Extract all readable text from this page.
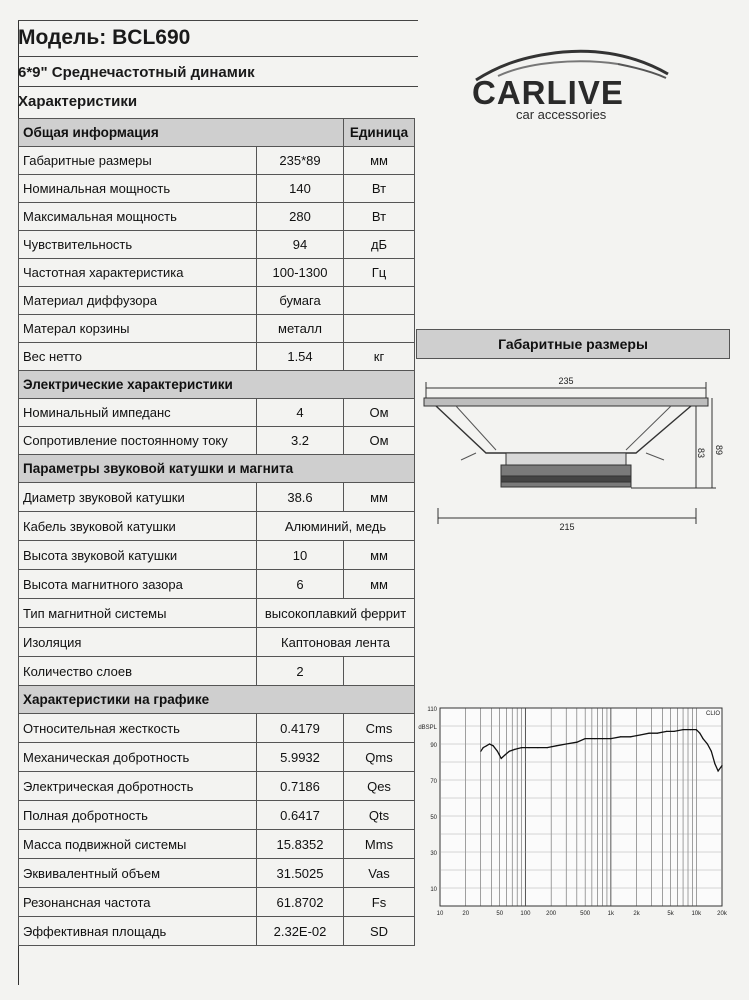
Модель: BCL690
6*9" Среднечастотный динамик
Характеристики	CARLIVE
car accessories
Общая информация		Единица
Габаритные размеры	235*89	мм
Номинальная мощность	140	Вт
Максимальная мощность	280	Вт
Чувствительность	94	дБ
Частотная характеристика	100-1300	Гц
Материал диффузора	бумага	
Матерал корзины	металл	
Вес нетто	1.54	кг
Электрические характеристики		
Номинальный импеданс	4	Ом
Сопротивление постоянному току	3.2	Ом
Параметры звуковой катушки и магнита		
Диаметр звуковой катушки	38.6	мм
Кабель звуковой катушки	Алюминий, медь	
Высота звуковой катушки	10	мм
Высота магнитного зазора	6	мм
Тип магнитной системы	высокоплавкий феррит	
Изоляция	Каптоновая лента	
Количество слоев	2	
Характеристики на графике		
Относительная жесткость	0.4179	Cms
Механическая добротность	5.9932	Qms
Электрическая добротность	0.7186	Qes
Полная добротность	0.6417	Qts
Масса подвижной системы	15.8352	Mms
Эквивалентный объем	31.5025	Vas
Резонансная частота	61.8702	Fs
Эффективная площадь	2.32E-02	SD
Габаритные размеры
235
215
83 89
110
dBSPL
90
70
50
30
10
10	20	50	100	200	500	1k	2k	5k	10k	20k
CLIO
